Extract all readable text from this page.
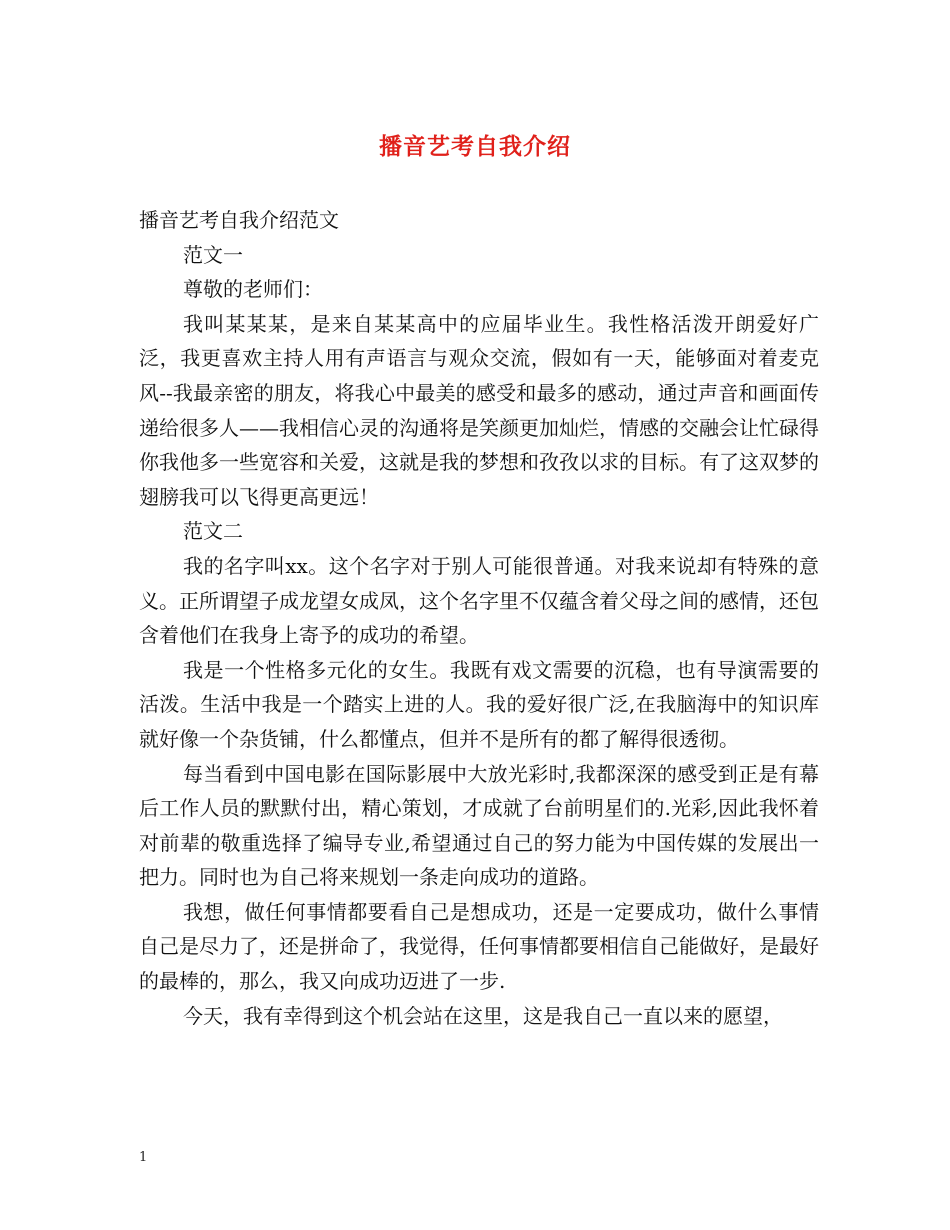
播音艺考自我介绍

播音艺考自我介绍范文

范文一

尊敬的老师们：

我叫某某某，是来自某某高中的应届毕业生。我性格活泼开朗爱好广泛，我更喜欢主持人用有声语言与观众交流，假如有一天，能够面对着麦克风--我最亲密的朋友，将我心中最美的感受和最多的感动，通过声音和画面传递给很多人——我相信心灵的沟通将是笑颜更加灿烂，情感的交融会让忙碌得你我他多一些宽容和关爱，这就是我的梦想和孜孜以求的目标。有了这双梦的翅膀我可以飞得更高更远！

范文二

我的名字叫xx。这个名字对于别人可能很普通。对我来说却有特殊的意义。正所谓望子成龙望女成凤，这个名字里不仅蕴含着父母之间的感情，还包含着他们在我身上寄予的成功的希望。

我是一个性格多元化的女生。我既有戏文需要的沉稳，也有导演需要的活泼。生活中我是一个踏实上进的人。我的爱好很广泛,在我脑海中的知识库就好像一个杂货铺，什么都懂点，但并不是所有的都了解得很透彻。

每当看到中国电影在国际影展中大放光彩时,我都深深的感受到正是有幕后工作人员的默默付出，精心策划，才成就了台前明星们的.光彩,因此我怀着对前辈的敬重选择了编导专业,希望通过自己的努力能为中国传媒的发展出一把力。同时也为自己将来规划一条走向成功的道路。

我想，做任何事情都要看自己是想成功，还是一定要成功，做什么事情自己是尽力了，还是拼命了，我觉得，任何事情都要相信自己能做好，是最好的最棒的，那么，我又向成功迈进了一步.

今天，我有幸得到这个机会站在这里，这是我自己一直以来的愿望，

1
